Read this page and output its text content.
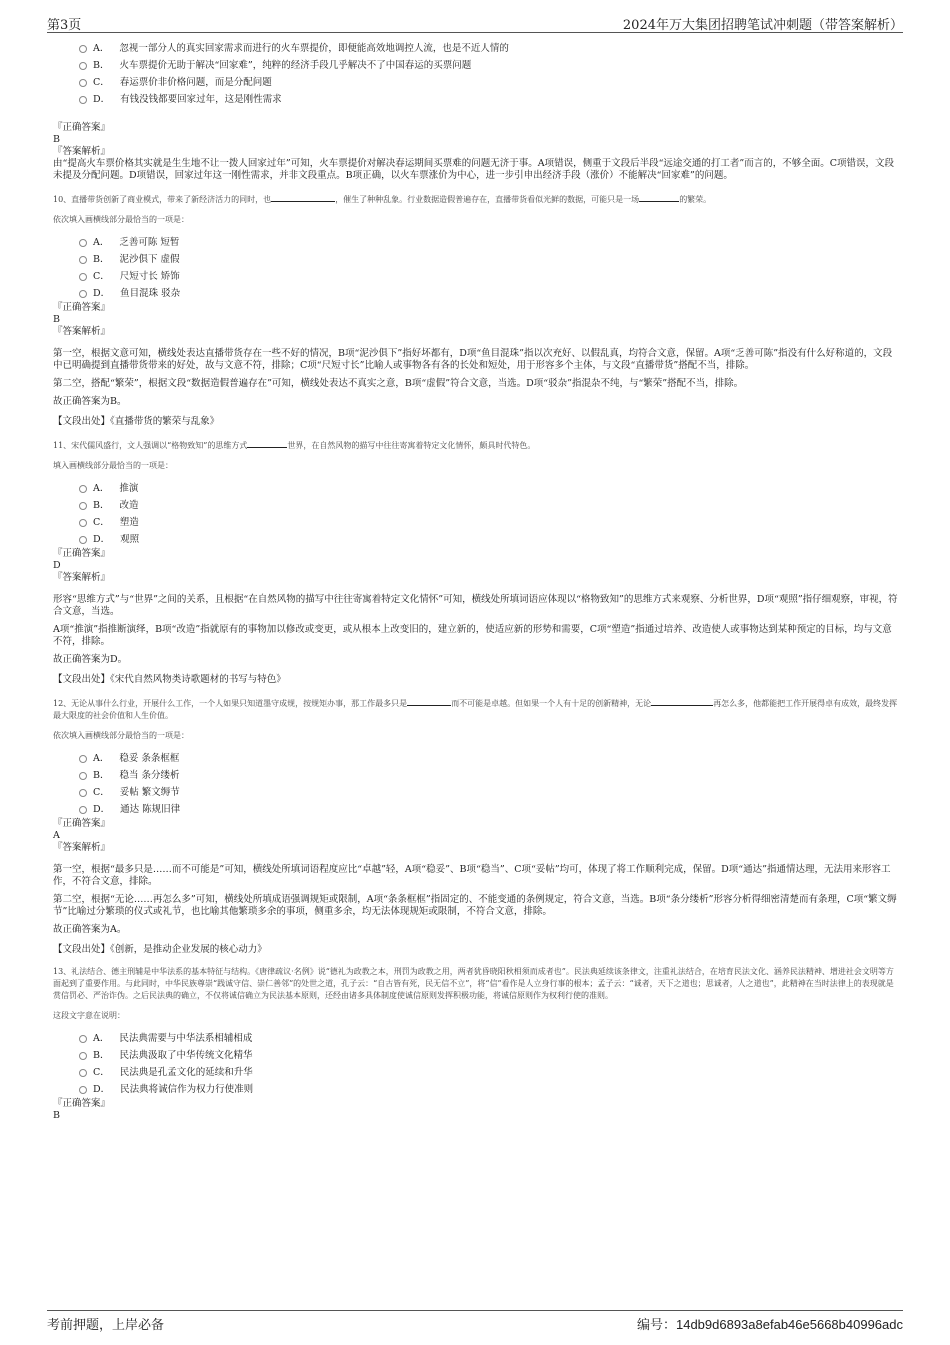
第3页	2024年万大集团招聘笔试冲刺题（带答案解析）
A． 忽视一部分人的真实回家需求而进行的火车票提价，即便能高效地调控人流，也是不近人情的
B． 火车票提价无助于解决“回家难”，纯粹的经济手段几乎解决不了中国春运的买票问题
C． 春运票价非价格问题，而是分配问题
D． 有钱没钱都要回家过年，这是刚性需求
『正确答案』
B
『答案解析』
由“提高火车票价格其实就是生生地不让一拨人回家过年”可知，火车票提价对解决春运期间买票难的问题无济于事。A项错误，侧重于文段后半段“远途交通的打工者”而言的，不够全面。C项错误，文段未提及分配问题。D项错误，回家过年这一刚性需求，并非文段重点。B项正确，以火车票涨价为中心，进一步引申出经济手段（涨价）不能解决“回家难”的问题。
10、直播带货创新了商业模式，带来了新经济活力的同时，也	，催生了种种乱象。行业数据造假普遍存在，直播带货看似光鲜的数据，可能只是一场	的繁荣。
依次填入画横线部分最恰当的一项是：
A． 乏善可陈 短暂
B． 泥沙俱下 虚假
C． 尺短寸长 矫饰
D． 鱼目混珠 驳杂
『正确答案』
B
『答案解析』
第一空，根据文意可知，横线处表达直播带货存在一些不好的情况，B项“泥沙俱下”指好坏都有，D项“鱼目混珠”指以次充好、以假乱真，均符合文意，保留。A项“乏善可陈”指没有什么好称道的，文段中已明确提到直播带货带来的好处，故与文意不符，排除；C项“尺短寸长”比喻人或事物各有各的长处和短处，用于形容多个主体，与文段“直播带货”搭配不当，排除。
第二空，搭配“繁荣”，根据文段“数据造假普遍存在”可知，横线处表达不真实之意，B项“虚假”符合文意，当选。D项“驳杂”指混杂不纯，与“繁荣”搭配不当，排除。
故正确答案为B。
【文段出处】《直播带货的繁荣与乱象》
11、宋代儒风盛行，文人强调以“格物致知”的思维方式	世界，在自然风物的描写中往往寄寓着特定文化情怀，颇具时代特色。
填入画横线部分最恰当的一项是：
A． 推演
B． 改造
C． 塑造
D． 观照
『正确答案』
D
『答案解析』
形容“思维方式”与“世界”之间的关系，且根据“在自然风物的描写中往往寄寓着特定文化情怀”可知，横线处所填词语应体现以“格物致知”的思维方式来观察、分析世界，D项“观照”指仔细观察，审视，符合文意，当选。
A项“推演”指推断演绎，B项“改造”指就原有的事物加以修改或变更，或从根本上改变旧的，建立新的，使适应新的形势和需要，C项“塑造”指通过培养、改造使人或事物达到某种预定的目标，均与文意不符，排除。
故正确答案为D。
【文段出处】《宋代自然风物类诗歌题材的书写与特色》
12、无论从事什么行业，开展什么工作，一个人如果只知道墨守成规，按规矩办事，那工作最多只是	而不可能是卓越。但如果一个人有十足的创新精神，无论	再怎么多，他都能把工作开展得卓有成效，最终发挥最大限度的社会价值和人生价值。
依次填入画横线部分最恰当的一项是：
A． 稳妥 条条框框
B． 稳当 条分缕析
C． 妥帖 繁文缛节
D． 通达 陈规旧律
『正确答案』
A
『答案解析』
第一空，根据“最多只是……而不可能是”可知，横线处所填词语程度应比“卓越”轻，A项“稳妥”、B项“稳当”、C项“妥帖”均可，体现了将工作顺利完成，保留。D项“通达”指通情达理，无法用来形容工作，不符合文意，排除。
第二空，根据“无论……再怎么多”可知，横线处所填成语强调规矩或限制，A项“条条框框”指固定的、不能变通的条例规定，符合文意，当选。B项“条分缕析”形容分析得细密清楚而有条理，C项“繁文缛节”比喻过分繁琐的仪式或礼节，也比喻其他繁琐多余的事项，侧重多余，均无法体现规矩或限制，不符合文意，排除。
故正确答案为A。
【文段出处】《创新，是推动企业发展的核心动力》
13、礼法结合、德主刑辅是中华法系的基本特征与结构。《唐律疏议·名例》说“德礼为政教之本，刑罚为政教之用，两者犹昏晓阳秋相须而成者也”。民法典延续该条律文，注重礼法结合，在培育民法文化、涵养民法精神、增进社会文明等方面起到了重要作用。与此同时，中华民族尊崇“践诚守信、崇仁善邻”的处世之道，孔子云：“自古皆有死，民无信不立”，将“信”看作是人立身行事的根本；孟子云：“诚者，天下之道也；思诚者，人之道也”，此精神在当时法律上的表现就是赏信罚必、严治诈伪。之后民法典的确立，不仅将诚信确立为民法基本原则，还经由诸多具体制度使诚信原则发挥积极功能，将诚信原则作为权利行使的准则。
这段文字意在说明：
A． 民法典需要与中华法系相辅相成
B． 民法典汲取了中华传统文化精华
C． 民法典是孔孟文化的延续和升华
D． 民法典将诚信作为权力行使准则
『正确答案』
B
考前押题，上岸必备	编号：14db9d6893a8efab46e5668b40996adc
